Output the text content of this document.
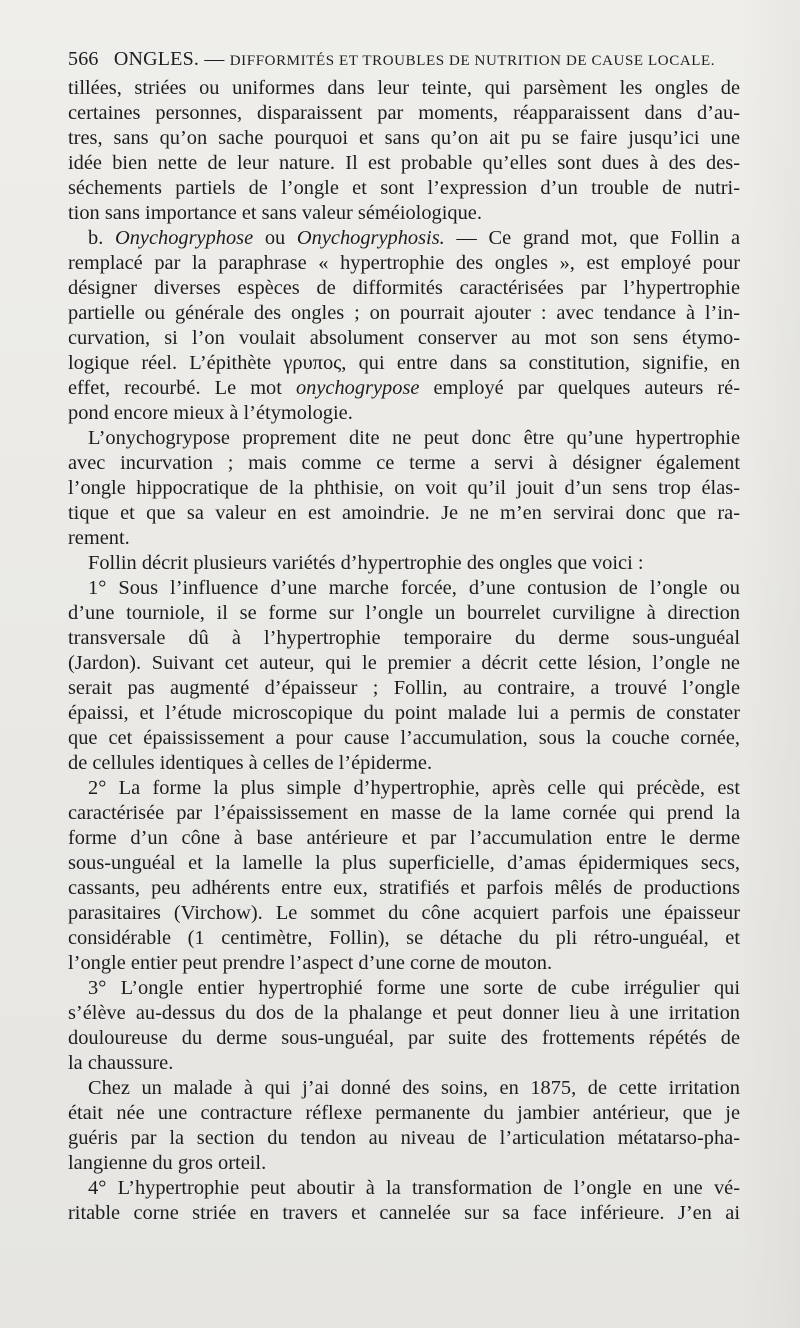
566 ONGLES. — DIFFORMITÉS ET TROUBLES DE NUTRITION DE CAUSE LOCALE.
tillées, striées ou uniformes dans leur teinte, qui parsèment les ongles de
certaines personnes, disparaissent par moments, réapparaissent dans d’au-
tres, sans qu’on sache pourquoi et sans qu’on ait pu se faire jusqu’ici une
idée bien nette de leur nature. Il est probable qu’elles sont dues à des des-
séchements partiels de l’ongle et sont l’expression d’un trouble de nutri-
tion sans importance et sans valeur séméiologique.
b. Onychogryphose ou Onychogryphosis. — Ce grand mot, que Follin a
remplacé par la paraphrase « hypertrophie des ongles », est employé pour
désigner diverses espèces de difformités caractérisées par l’hypertrophie
partielle ou générale des ongles ; on pourrait ajouter : avec tendance à l’in-
curvation, si l’on voulait absolument conserver au mot son sens étymo-
logique réel. L’épithète γρυπος, qui entre dans sa constitution, signifie, en
effet, recourbé. Le mot onychogrypose employé par quelques auteurs ré-
pond encore mieux à l’étymologie.
L’onychogrypose proprement dite ne peut donc être qu’une hypertrophie
avec incurvation ; mais comme ce terme a servi à désigner également
l’ongle hippocratique de la phthisie, on voit qu’il jouit d’un sens trop élas-
tique et que sa valeur en est amoindrie. Je ne m’en servirai donc que ra-
rement.
Follin décrit plusieurs variétés d’hypertrophie des ongles que voici :
1° Sous l’influence d’une marche forcée, d’une contusion de l’ongle ou
d’une tourniole, il se forme sur l’ongle un bourrelet curviligne à direction
transversale dû à l’hypertrophie temporaire du derme sous-unguéal
(Jardon). Suivant cet auteur, qui le premier a décrit cette lésion, l’ongle ne
serait pas augmenté d’épaisseur ; Follin, au contraire, a trouvé l’ongle
épaissi, et l’étude microscopique du point malade lui a permis de constater
que cet épaississement a pour cause l’accumulation, sous la couche cornée,
de cellules identiques à celles de l’épiderme.
2° La forme la plus simple d’hypertrophie, après celle qui précède, est
caractérisée par l’épaississement en masse de la lame cornée qui prend la
forme d’un cône à base antérieure et par l’accumulation entre le derme
sous-unguéal et la lamelle la plus superficielle, d’amas épidermiques secs,
cassants, peu adhérents entre eux, stratifiés et parfois mêlés de productions
parasitaires (Virchow). Le sommet du cône acquiert parfois une épaisseur
considérable (1 centimètre, Follin), se détache du pli rétro-unguéal, et
l’ongle entier peut prendre l’aspect d’une corne de mouton.
3° L’ongle entier hypertrophié forme une sorte de cube irrégulier qui
s’élève au-dessus du dos de la phalange et peut donner lieu à une irritation
douloureuse du derme sous-unguéal, par suite des frottements répétés de
la chaussure.
Chez un malade à qui j’ai donné des soins, en 1875, de cette irritation
était née une contracture réflexe permanente du jambier antérieur, que je
guéris par la section du tendon au niveau de l’articulation métatarso-pha-
langienne du gros orteil.
4° L’hypertrophie peut aboutir à la transformation de l’ongle en une vé-
ritable corne striée en travers et cannelée sur sa face inférieure. J’en ai
